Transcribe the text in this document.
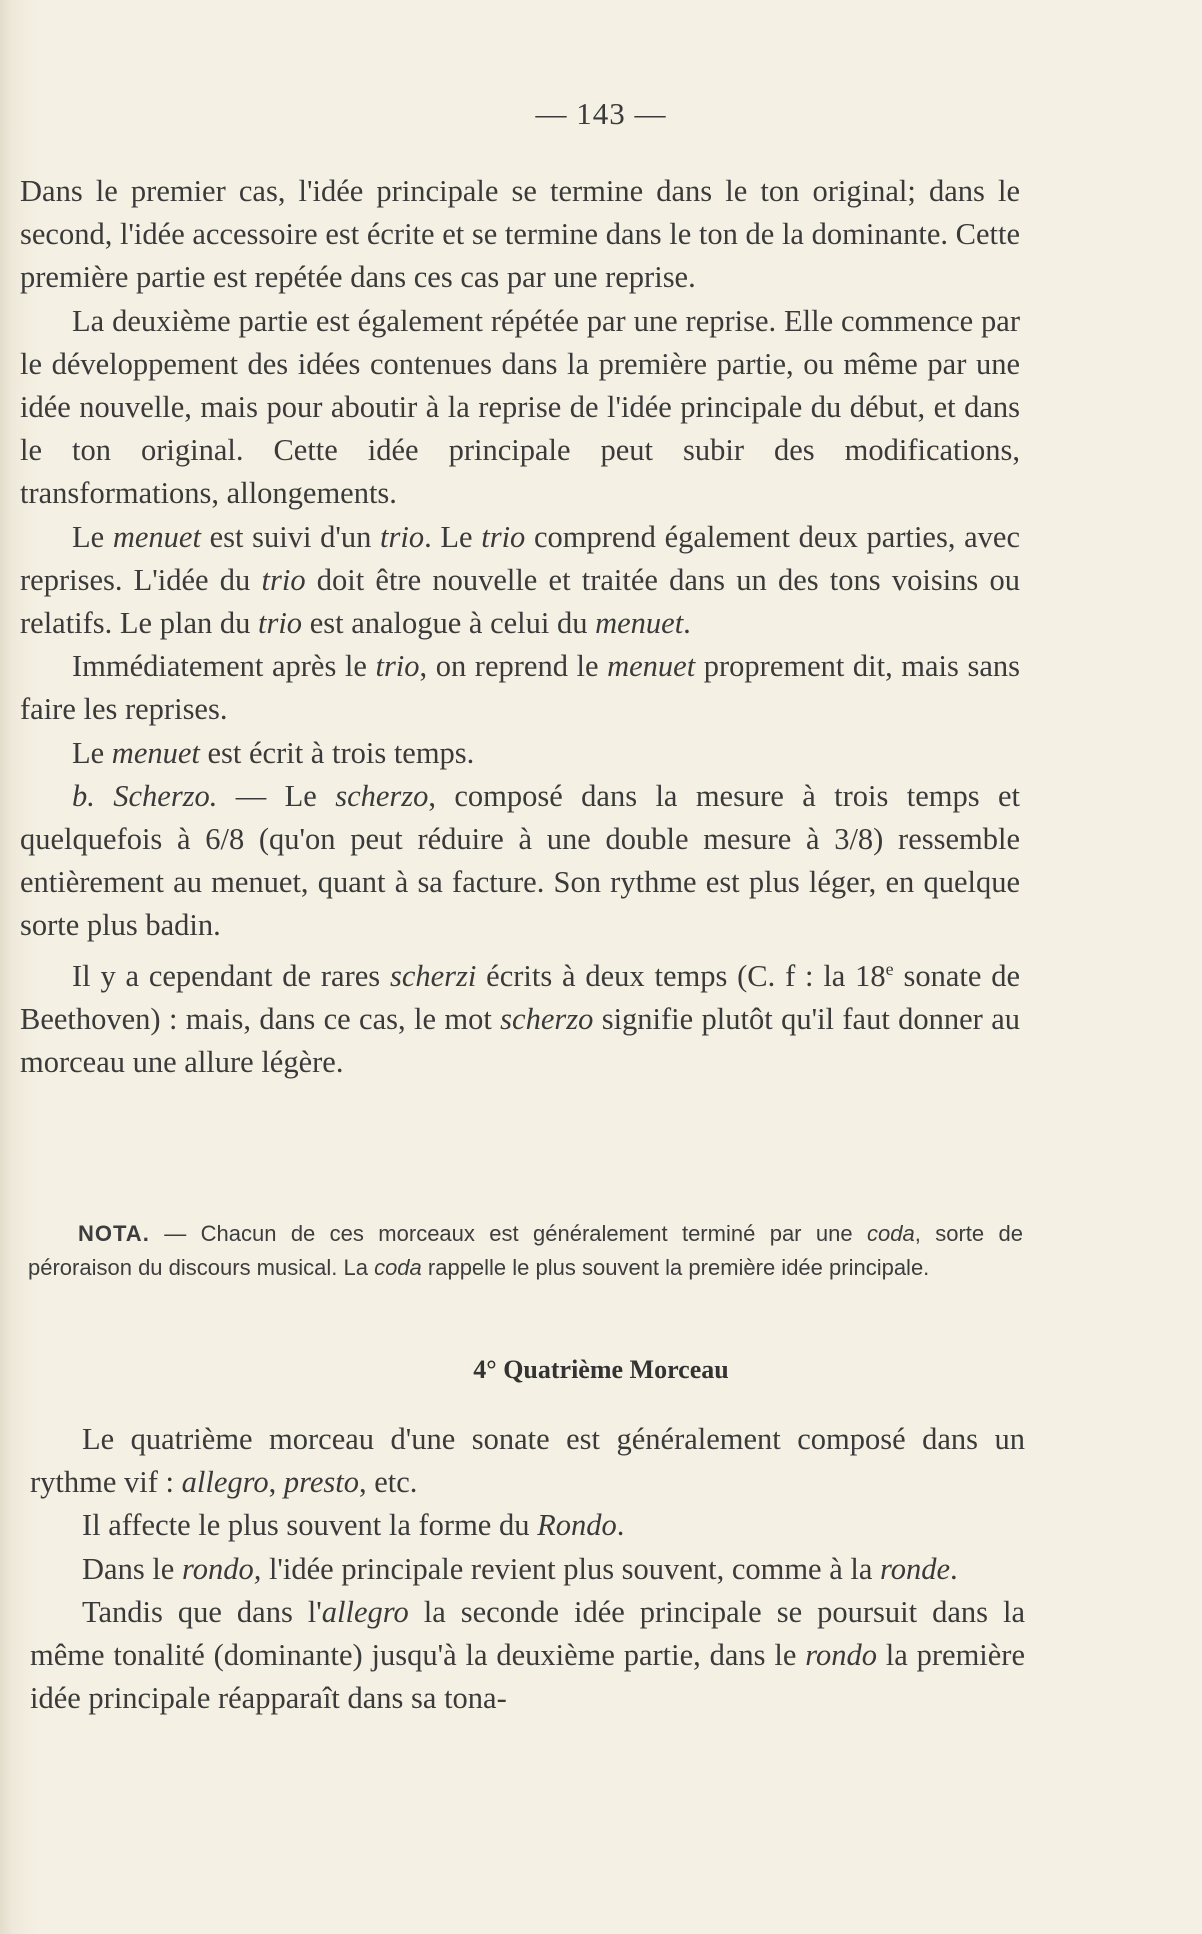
— 143 —

Dans le premier cas, l'idée principale se termine dans le ton original; dans le second, l'idée accessoire est écrite et se termine dans le ton de la dominante. Cette première partie est repétée dans ces cas par une reprise.

La deuxième partie est également répétée par une reprise. Elle commence par le développement des idées contenues dans la première partie, ou même par une idée nouvelle, mais pour aboutir à la reprise de l'idée principale du début, et dans le ton original. Cette idée principale peut subir des modifications, transformations, allongements.

Le menuet est suivi d'un trio. Le trio comprend également deux parties, avec reprises. L'idée du trio doit être nouvelle et traitée dans un des tons voisins ou relatifs. Le plan du trio est analogue à celui du menuet.

Immédiatement après le trio, on reprend le menuet proprement dit, mais sans faire les reprises.

Le menuet est écrit à trois temps.

b. Scherzo. — Le scherzo, composé dans la mesure à trois temps et quelquefois à 6/8 (qu'on peut réduire à une double mesure à 3/8) ressemble entièrement au menuet, quant à sa facture. Son rythme est plus léger, en quelque sorte plus badin.

Il y a cependant de rares scherzi écrits à deux temps (C. f : la 18e sonate de Beethoven) : mais, dans ce cas, le mot scherzo signifie plutôt qu'il faut donner au morceau une allure légère.

NOTA. — Chacun de ces morceaux est généralement terminé par une coda, sorte de péroraison du discours musical. La coda rappelle le plus souvent la première idée principale.
4° Quatrième Morceau

Le quatrième morceau d'une sonate est généralement composé dans un rythme vif : allegro, presto, etc.

Il affecte le plus souvent la forme du Rondo.

Dans le rondo, l'idée principale revient plus souvent, comme à la ronde.

Tandis que dans l'allegro la seconde idée principale se poursuit dans la même tonalité (dominante) jusqu'à la deuxième partie, dans le rondo la première idée principale réapparaît dans sa tona-
